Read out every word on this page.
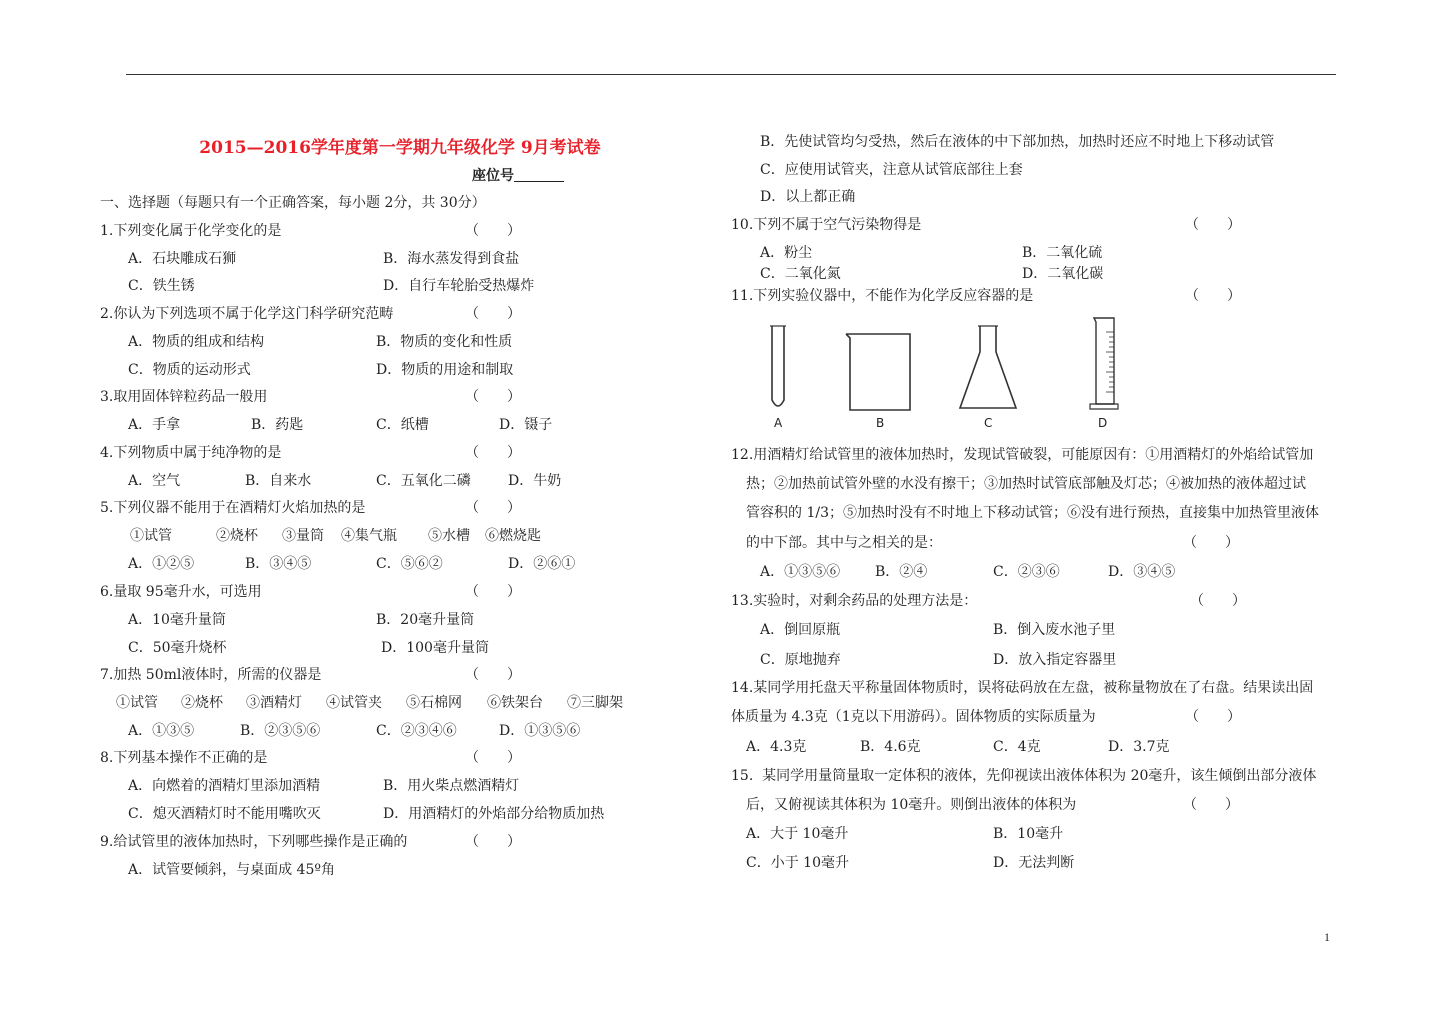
2015—2016学年度第一学期九年级化学 9月考试卷
座位号
一、选择题（每题只有一个正确答案，每小题 2分，共 30分）
1.下列变化属于化学变化的是	（　　）
A．石块雕成石狮	B．海水蒸发得到食盐
C．铁生锈	D．自行车轮胎受热爆炸
2.你认为下列选项不属于化学这门科学研究范畴	（　　）
A．物质的组成和结构	B．物质的变化和性质
C．物质的运动形式	D．物质的用途和制取
3.取用固体锌粒药品一般用	（　　）
A．手拿	B．药匙	C．纸槽	D．镊子
4.下列物质中属于纯净物的是	（　　）
A．空气	B．自来水	C．五氧化二磷	D．牛奶
5.下列仪器不能用于在酒精灯火焰加热的是	（　　）
①试管	②烧杯 ③量筒 ④集气瓶 ⑤水槽 ⑥燃烧匙
A．①②⑤	B．③④⑤	C．⑤⑥②	D．②⑥①
6.量取 95毫升水，可选用	（　　）
A．10毫升量筒	B．20毫升量筒
C．50毫升烧杯	D．100毫升量筒
7.加热 50ml液体时，所需的仪器是	（　　）
①试管 ②烧杯 ③酒精灯 ④试管夹 ⑤石棉网 ⑥铁架台 ⑦三脚架
A．①③⑤	B．②③⑤⑥	C．②③④⑥	D．①③⑤⑥
8.下列基本操作不正确的是	（　　）
A．向燃着的酒精灯里添加酒精	B．用火柴点燃酒精灯
C．熄灭酒精灯时不能用嘴吹灭	D．用酒精灯的外焰部分给物质加热
9.给试管里的液体加热时，下列哪些操作是正确的	（　　）
A．试管要倾斜，与桌面成 45º角
B．先使试管均匀受热，然后在液体的中下部加热，加热时还应不时地上下移动试管
C．应使用试管夹，注意从试管底部往上套
D．以上都正确
10.下列不属于空气污染物得是	（　　）
A．粉尘	B．二氧化硫
C．二氧化氮	D．二氧化碳
11.下列实验仪器中，不能作为化学反应容器的是	（　　）
A	B	C	D
12.用酒精灯给试管里的液体加热时，发现试管破裂，可能原因有：①用酒精灯的外焰给试管加
热；②加热前试管外壁的水没有擦干；③加热时试管底部触及灯芯；④被加热的液体超过试
管容积的 1/3；⑤加热时没有不时地上下移动试管；⑥没有进行预热，直接集中加热管里液体
的中下部。其中与之相关的是：	（　　）
A．①③⑤⑥ B．②④	C．②③⑥	D．③④⑤
13.实验时，对剩余药品的处理方法是：	（　　）
A．倒回原瓶	B．倒入废水池子里
C．原地抛弃	D．放入指定容器里
14.某同学用托盘天平称量固体物质时，误将砝码放在左盘，被称量物放在了右盘。结果读出固
体质量为 4.3克（1克以下用游码）。固体物质的实际质量为	（　　）
A．4.3克	B．4.6克	C．4克	D．3.7克
15.  某同学用量筒量取一定体积的液体，先仰视读出液体体积为 20毫升，该生倾倒出部分液体
后，又俯视读其体积为 10毫升。则倒出液体的体积为	（　　）
A．大于 10毫升	B．10毫升
C．小于 10毫升	D．无法判断
1
